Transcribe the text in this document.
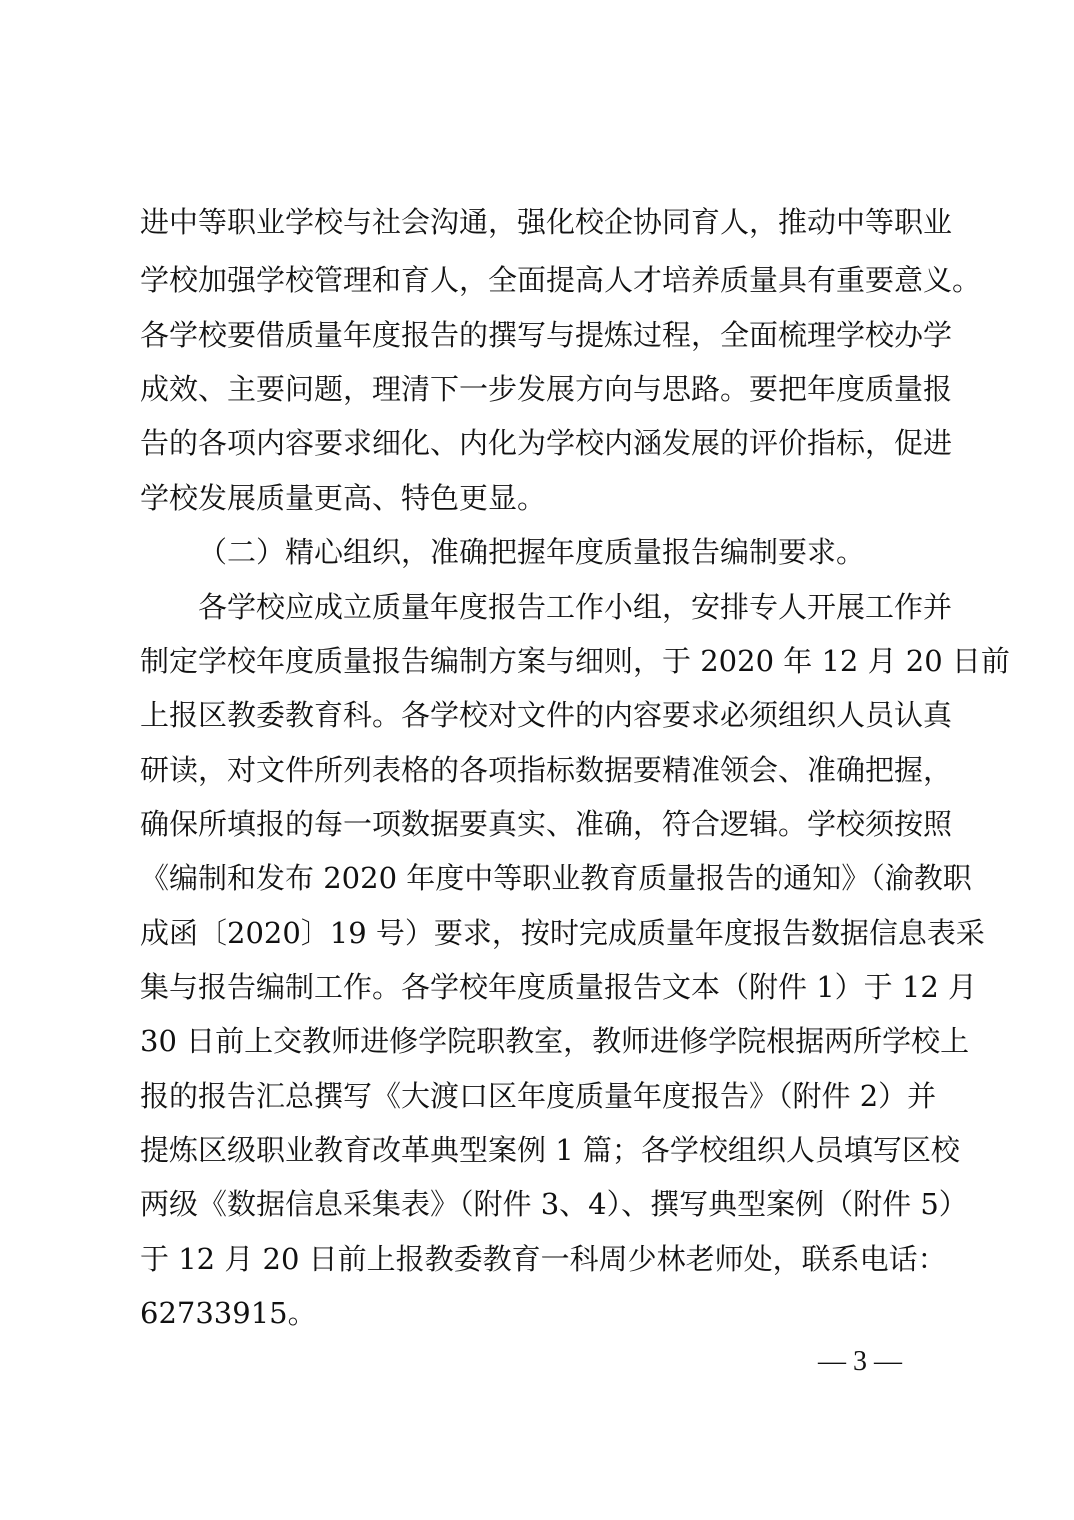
进中等职业学校与社会沟通，强化校企协同育人，推动中等职业
学校加强学校管理和育人，全面提高人才培养质量具有重要意义。
各学校要借质量年度报告的撰写与提炼过程，全面梳理学校办学
成效、主要问题，理清下一步发展方向与思路。要把年度质量报
告的各项内容要求细化、内化为学校内涵发展的评价指标，促进
学校发展质量更高、特色更显。
（二）精心组织，准确把握年度质量报告编制要求。
各学校应成立质量年度报告工作小组，安排专人开展工作并
制定学校年度质量报告编制方案与细则，于 2020 年 12 月 20 日前
上报区教委教育科。各学校对文件的内容要求必须组织人员认真
研读，对文件所列表格的各项指标数据要精准领会、准确把握，
确保所填报的每一项数据要真实、准确，符合逻辑。学校须按照
《编制和发布 2020 年度中等职业教育质量报告的通知》（渝教职
成函〔2020〕19 号）要求，按时完成质量年度报告数据信息表采
集与报告编制工作。各学校年度质量报告文本（附件 1）于 12 月
30 日前上交教师进修学院职教室，教师进修学院根据两所学校上
报的报告汇总撰写《大渡口区年度质量年度报告》（附件 2）并
提炼区级职业教育改革典型案例 1 篇；各学校组织人员填写区校
两级《数据信息采集表》（附件 3、4）、撰写典型案例（附件 5）
于 12 月 20 日前上报教委教育一科周少林老师处，联系电话：
62733915。
— 3 —
